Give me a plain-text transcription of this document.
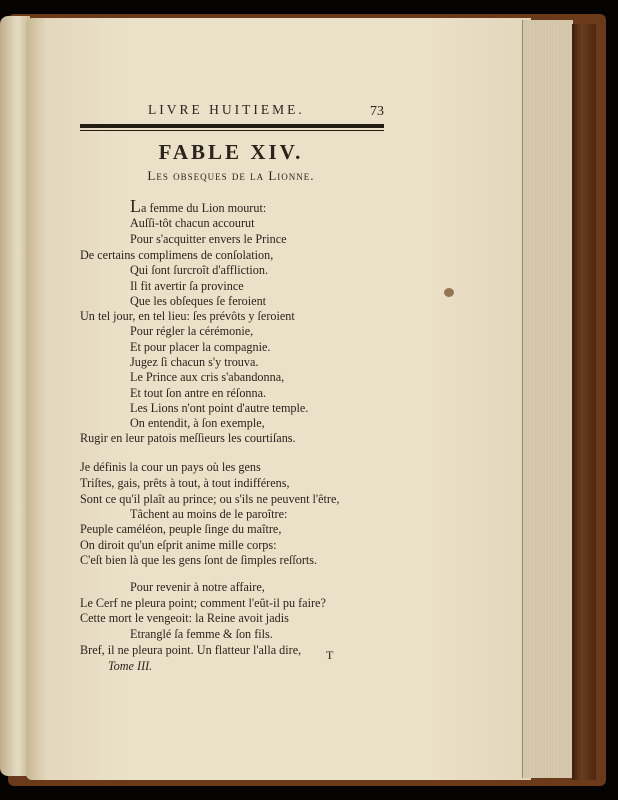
LIVRE HUITIEME.	73
FABLE XIV.
Les obseques de la Lionne.
La femme du Lion mourut:
Auſſi-tôt chacun accourut
Pour s'acquitter envers le Prince
De certains complimens de conſolation,
Qui ſont ſurcroît d'affliction.
Il fit avertir ſa province
Que les obſeques ſe feroient
Un tel jour, en tel lieu: ſes prévôts y ſeroient
Pour régler la cérémonie,
Et pour placer la compagnie.
Jugez ſi chacun s'y trouva.
Le Prince aux cris s'abandonna,
Et tout ſon antre en réſonna.
Les Lions n'ont point d'autre temple.
On entendit, à ſon exemple,
Rugir en leur patois meſſieurs les courtiſans.
Je définis la cour un pays où les gens
Triſtes, gais, prêts à tout, à tout indifférens,
Sont ce qu'il plaît au prince; ou s'ils ne peuvent l'être,
Tâchent au moins de le paroître:
Peuple caméléon, peuple ſinge du maître,
On diroit qu'un eſprit anime mille corps:
C'eſt bien là que les gens ſont de ſimples reſſorts.
Pour revenir à notre affaire,
Le Cerf ne pleura point; comment l'eût-il pu faire?
Cette mort le vengeoit: la Reine avoit jadis
Etranglé ſa femme & ſon fils.
Bref, il ne pleura point. Un flatteur l'alla dire,
Tome III.
T
